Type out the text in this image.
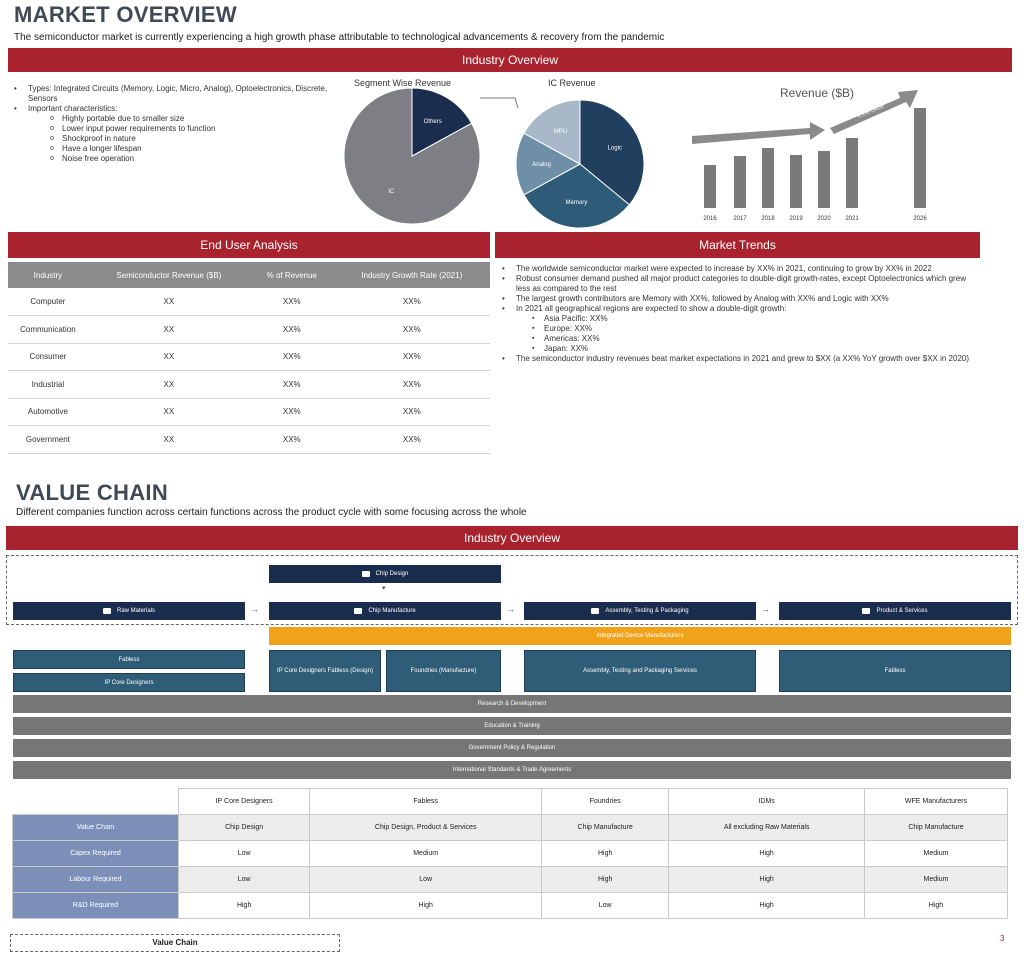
MARKET OVERVIEW
The semiconductor market is currently experiencing a high growth phase attributable to technological advancements & recovery from the pandemic
Industry Overview
• Types: Integrated Circuits (Memory, Logic, Micro, Analog), Optoelectronics, Discrete, Sensors
• Important characteristics:
o Highly portable due to smaller size
o Lower input power requirements to function
o Shockproof in nature
o Have a longer lifespan
o Noise free operation
Segment Wise Revenue	IC Revenue
IC
Others
Logic
Memory
Analog
MPU
Revenue ($B)
2016	2017 2018 2019 2020 2021	2026
X.X% CAGR
X.X% CAGR
End User Analysis
Industry	Semiconductor Revenue ($B)	% of Revenue	Industry Growth Rate (2021)
Computer	XX	XX%	XX%
Communication	XX	XX%	XX%
Consumer	XX	XX%	XX%
Industrial	XX	XX%	XX%
Automotive	XX	XX%	XX%
Government	XX	XX%	XX%
Market Trends
• The worldwide semiconductor market were expected to increase by XX% in 2021, continuing to grow by XX% in 2022
• Robust consumer demand pushed all major product categories to double-digit growth-rates, except Optoelectronics which grew less as compared to the rest
• The largest growth contributors are Memory with XX%, followed by Analog with XX% and Logic with XX%
• In 2021 all geographical regions are expected to show a double-digit growth:
▪ Asia Pacific: XX%
▪ Europe: XX%
▪ Americas: XX%
▪ Japan: XX%
• The semiconductor industry revenues beat market expectations in 2021 and grew to $XX (a XX% YoY growth over $XX in 2020)
VALUE CHAIN
Different companies function across certain functions across the product cycle with some focusing across the whole
Industry Overview
Chip Design
▾
Raw Materials	→	Chip Manufacture	→	Assembly, Testing & Packaging	→	Product & Services
Integrated Device Manufacturers
Fabless
IP Core Designers
IP Core Designers Fabless (Design)	Foundries (Manufacture)	Assembly, Testing and Packaging Services	Fabless
Research & Development
Education & Training
Government Policy & Regulation
International Standards & Trade Agreements
	IP Core Designers	Fabless	Foundries	IDMs	WFE Manufacturers
Value Chain	Chip Design	Chip Design, Product & Services	Chip Manufacture	All excluding Raw Materials	Chip Manufacture
Capex Required	Low	Medium	High	High	Medium
Labour Required	Low	Low	High	High	Medium
R&D Required	High	High	Low	High	High
Value Chain	3
